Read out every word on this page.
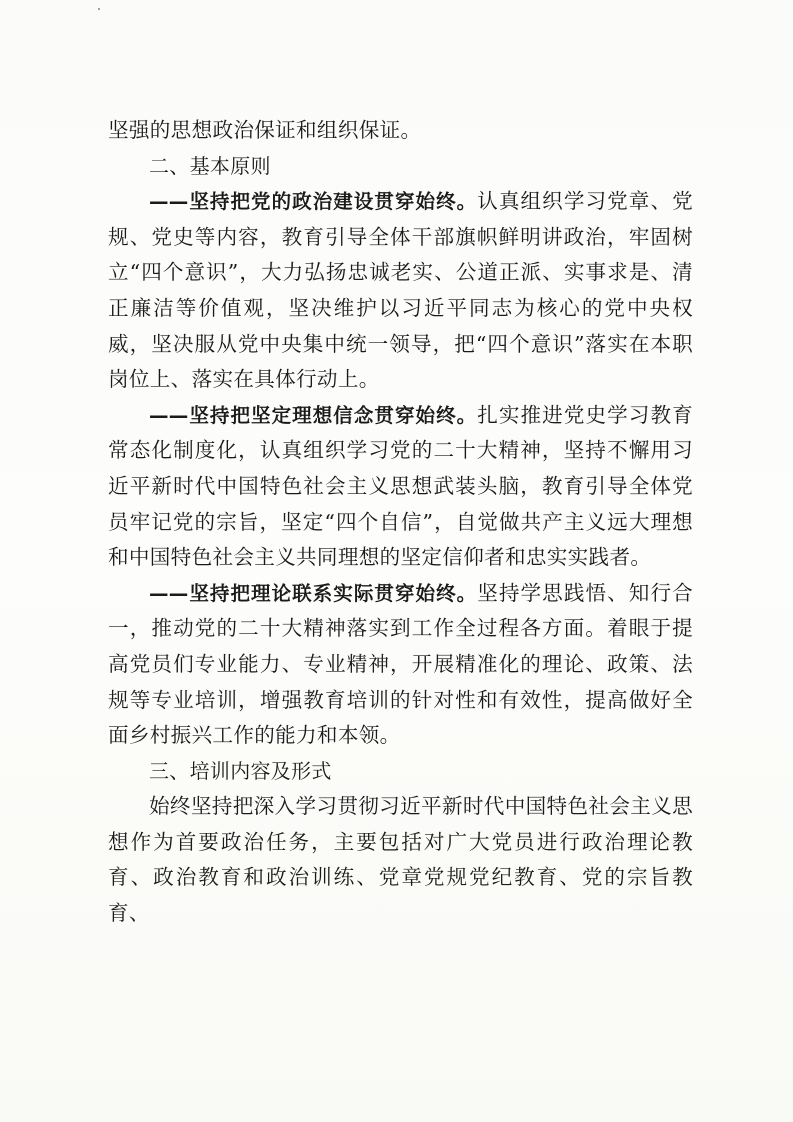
坚强的思想政治保证和组织保证。

二、基本原则

——坚持把党的政治建设贯穿始终。认真组织学习党章、党规、党史等内容，教育引导全体干部旗帜鲜明讲政治，牢固树立“四个意识”，大力弘扬忠诚老实、公道正派、实事求是、清正廉洁等价值观，坚决维护以习近平同志为核心的党中央权威，坚决服从党中央集中统一领导，把“四个意识”落实在本职岗位上、落实在具体行动上。

——坚持把坚定理想信念贯穿始终。扎实推进党史学习教育常态化制度化，认真组织学习党的二十大精神，坚持不懈用习近平新时代中国特色社会主义思想武装头脑，教育引导全体党员牢记党的宗旨，坚定“四个自信”，自觉做共产主义远大理想和中国特色社会主义共同理想的坚定信仰者和忠实实践者。

——坚持把理论联系实际贯穿始终。坚持学思践悟、知行合一，推动党的二十大精神落实到工作全过程各方面。着眼于提高党员们专业能力、专业精神，开展精准化的理论、政策、法规等专业培训，增强教育培训的针对性和有效性，提高做好全面乡村振兴工作的能力和本领。

三、培训内容及形式

始终坚持把深入学习贯彻习近平新时代中国特色社会主义思想作为首要政治任务，主要包括对广大党员进行政治理论教育、政治教育和政治训练、党章党规党纪教育、党的宗旨教育、
